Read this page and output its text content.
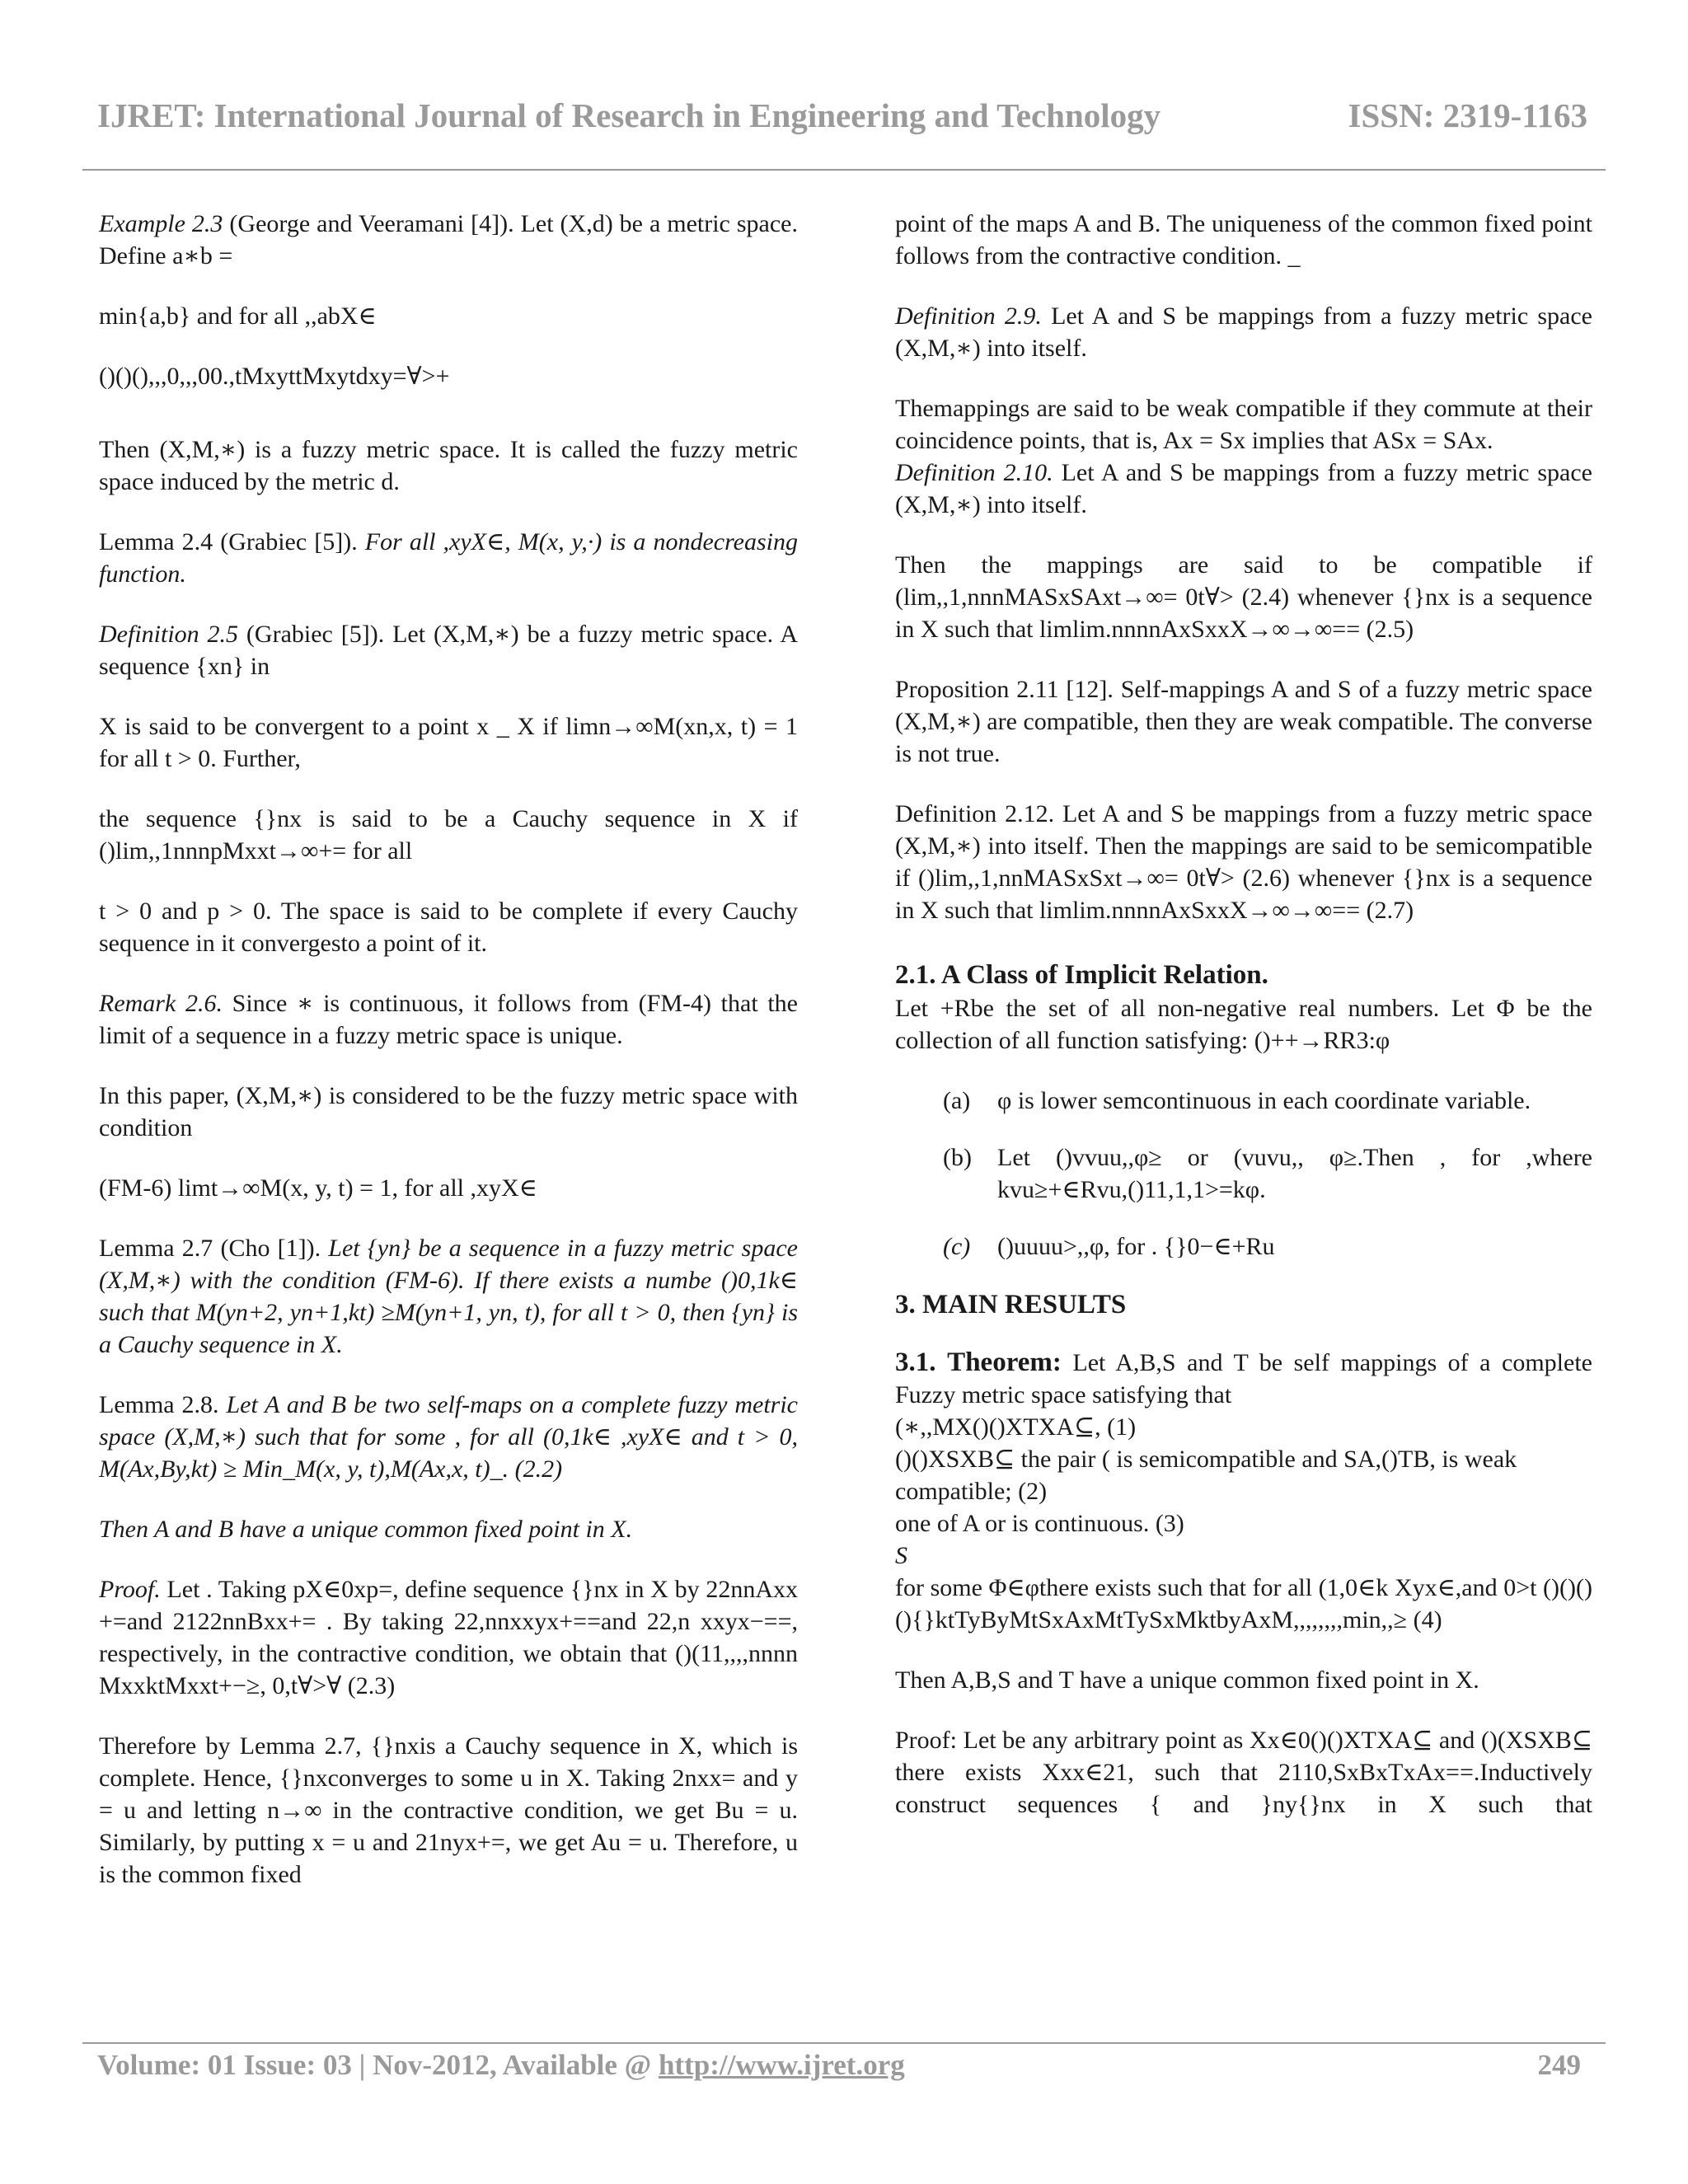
IJRET: International Journal of Research in Engineering and Technology	ISSN: 2319-1163

Example 2.3 (George and Veeramani [4]). Let (X,d) be a metric space. Define a∗b =

min{a,b} and for all ,,abX∈

()()(),,,0,,,00.,tMxyttMxytdxy=∀>+

Then (X,M,∗) is a fuzzy metric space. It is called the fuzzy metric space induced by the metric d.

Lemma 2.4 (Grabiec [5]). For all ,xyX∈, M(x, y,·) is a nondecreasing function.

Definition 2.5 (Grabiec [5]). Let (X,M,∗) be a fuzzy metric space. A sequence {xn} in

X is said to be convergent to a point x _ X if limn→∞M(xn,x, t) = 1 for all t > 0. Further,

the sequence {}nx is said to be a Cauchy sequence in X if ()lim,,1nnnpMxxt→∞+= for all

t > 0 and p > 0. The space is said to be complete if every Cauchy sequence in it convergesto a point of it.

Remark 2.6. Since ∗ is continuous, it follows from (FM-4) that the limit of a sequence in a fuzzy metric space is unique.

In this paper, (X,M,∗) is considered to be the fuzzy metric space with condition

(FM-6) limt→∞M(x, y, t) = 1, for all ,xyX∈

Lemma 2.7 (Cho [1]). Let {yn} be a sequence in a fuzzy metric space (X,M,∗) with the condition (FM-6). If there exists a numbe ()0,1k∈ such that M(yn+2, yn+1,kt) ≥M(yn+1, yn, t), for all t > 0, then {yn} is a Cauchy sequence in X.

Lemma 2.8. Let A and B be two self-maps on a complete fuzzy metric space (X,M,∗) such that for some , for all (0,1k∈ ,xyX∈ and t > 0, M(Ax,By,kt) ≥ Min_M(x, y, t),M(Ax,x, t)_. (2.2)

Then A and B have a unique common fixed point in X.

Proof. Let . Taking pX∈0xp=, define sequence {}nx in X by 22nnAxx +=and 2122nnBxx+= . By taking 22,nnxxyx+==and 22,n xxyx−==, respectively, in the contractive condition, we obtain that ()(11,,,,nnnn MxxktMxxt+−≥, 0,t∀>∀ (2.3)

Therefore by Lemma 2.7, {}nxis a Cauchy sequence in X, which is complete. Hence, {}nxconverges to some u in X. Taking 2nxx= and y = u and letting n→∞ in the contractive condition, we get Bu = u. Similarly, by putting x = u and 21nyx+=, we get Au = u. Therefore, u is the common fixed

point of the maps A and B. The uniqueness of the common fixed point follows from the contractive condition. _

Definition 2.9. Let A and S be mappings from a fuzzy metric space (X,M,∗) into itself.

Themappings are said to be weak compatible if they commute at their coincidence points, that is, Ax = Sx implies that ASx = SAx.

Definition 2.10. Let A and S be mappings from a fuzzy metric space (X,M,∗) into itself.

Then the mappings are said to be compatible if (lim,,1,nnnMASxSAxt→∞= 0t∀> (2.4) whenever {}nx is a sequence in X such that limlim.nnnnAxSxxX→∞→∞== (2.5)

Proposition 2.11 [12]. Self-mappings A and S of a fuzzy metric space (X,M,∗) are compatible, then they are weak compatible. The converse is not true.

Definition 2.12. Let A and S be mappings from a fuzzy metric space (X,M,∗) into itself. Then the mappings are said to be semicompatible if ()lim,,1,nnMASxSxt→∞= 0t∀> (2.6) whenever {}nx is a sequence in X such that limlim.nnnnAxSxxX→∞→∞== (2.7)

2.1. A Class of Implicit Relation.

Let +Rbe the set of all non-negative real numbers. Let Φ be the collection of all function satisfying: ()++→RR3:φ

(a)	φ is lower semcontinuous in each coordinate variable.
(b)	Let ()vvuu,,φ≥ or (vuvu,, φ≥.Then , for ,where kvu≥+∈Rvu,()11,1,1>=kφ.
(c)	()uuuu>,,φ, for . {}0−∈+Ru
3. MAIN RESULTS

3.1. Theorem: Let A,B,S and T be self mappings of a complete Fuzzy metric space satisfying that

(∗,,MX()()XTXA⊆, (1)
()()XSXB⊆ the pair ( is semicompatible and SA,()TB, is weak compatible; (2)
one of A or is continuous. (3)
S

for some Φ∈φthere exists such that for all (1,0∈k Xyx∈,and 0>t ()()()(){}ktTyByMtSxAxMtTySxMktbyAxM,,,,,,,,min,,≥ (4)

Then A,B,S and T have a unique common fixed point in X.

Proof: Let be any arbitrary point as Xx∈0()()XTXA⊆ and ()(XSXB⊆ there exists Xxx∈21, such that 2110,SxBxTxAx==.Inductively construct sequences { and }ny{}nx in X such that

Volume: 01 Issue: 03 | Nov-2012, Available @ http://www.ijret.org	249
